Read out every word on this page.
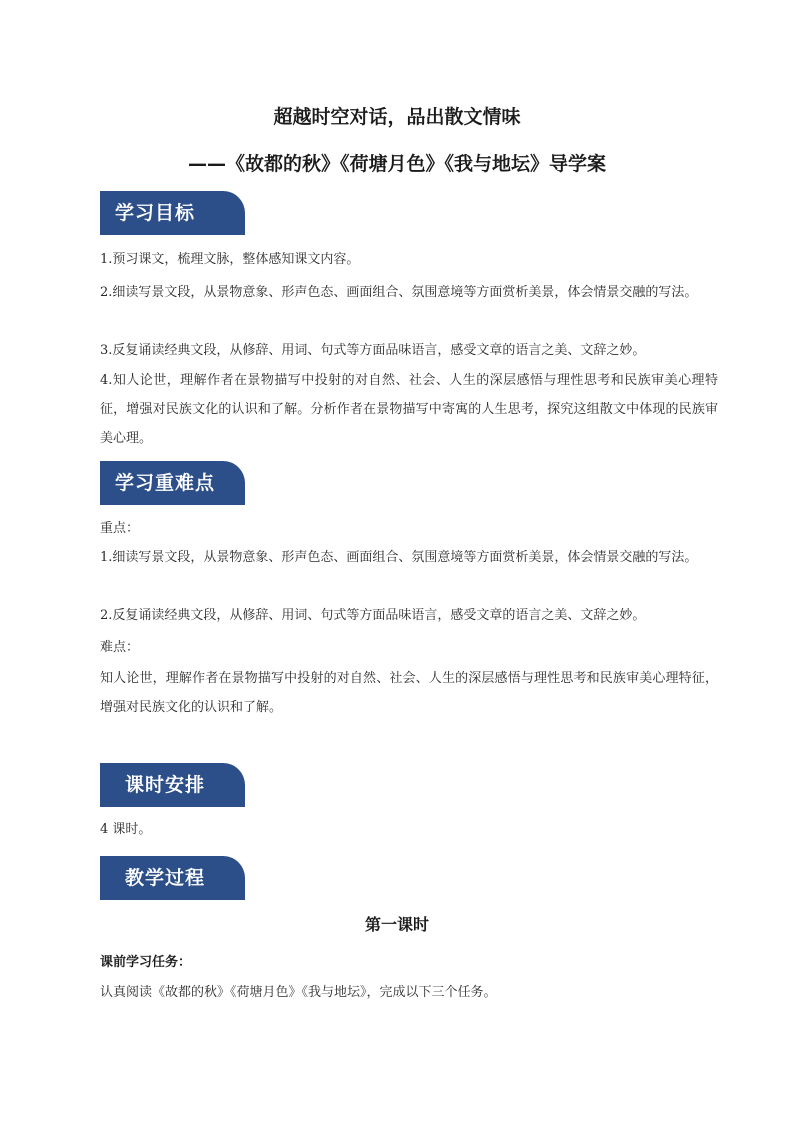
超越时空对话，品出散文情味
——《故都的秋》《荷塘月色》《我与地坛》导学案
学习目标

1.预习课文，梳理文脉，整体感知课文内容。

2.细读写景文段，从景物意象、形声色态、画面组合、氛围意境等方面赏析美景，体会情景交融的写法。

3.反复诵读经典文段，从修辞、用词、句式等方面品味语言，感受文章的语言之美、文辞之妙。

4.知人论世，理解作者在景物描写中投射的对自然、社会、人生的深层感悟与理性思考和民族审美心理特征，增强对民族文化的认识和了解。分析作者在景物描写中寄寓的人生思考，探究这组散文中体现的民族审美心理。

学习重难点

重点：

1.细读写景文段，从景物意象、形声色态、画面组合、氛围意境等方面赏析美景，体会情景交融的写法。

2.反复诵读经典文段，从修辞、用词、句式等方面品味语言，感受文章的语言之美、文辞之妙。

难点：

知人论世，理解作者在景物描写中投射的对自然、社会、人生的深层感悟与理性思考和民族审美心理特征，增强对民族文化的认识和了解。

课时安排

4 课时。

教学过程
第一课时
课前学习任务：

认真阅读《故都的秋》《荷塘月色》《我与地坛》，完成以下三个任务。
